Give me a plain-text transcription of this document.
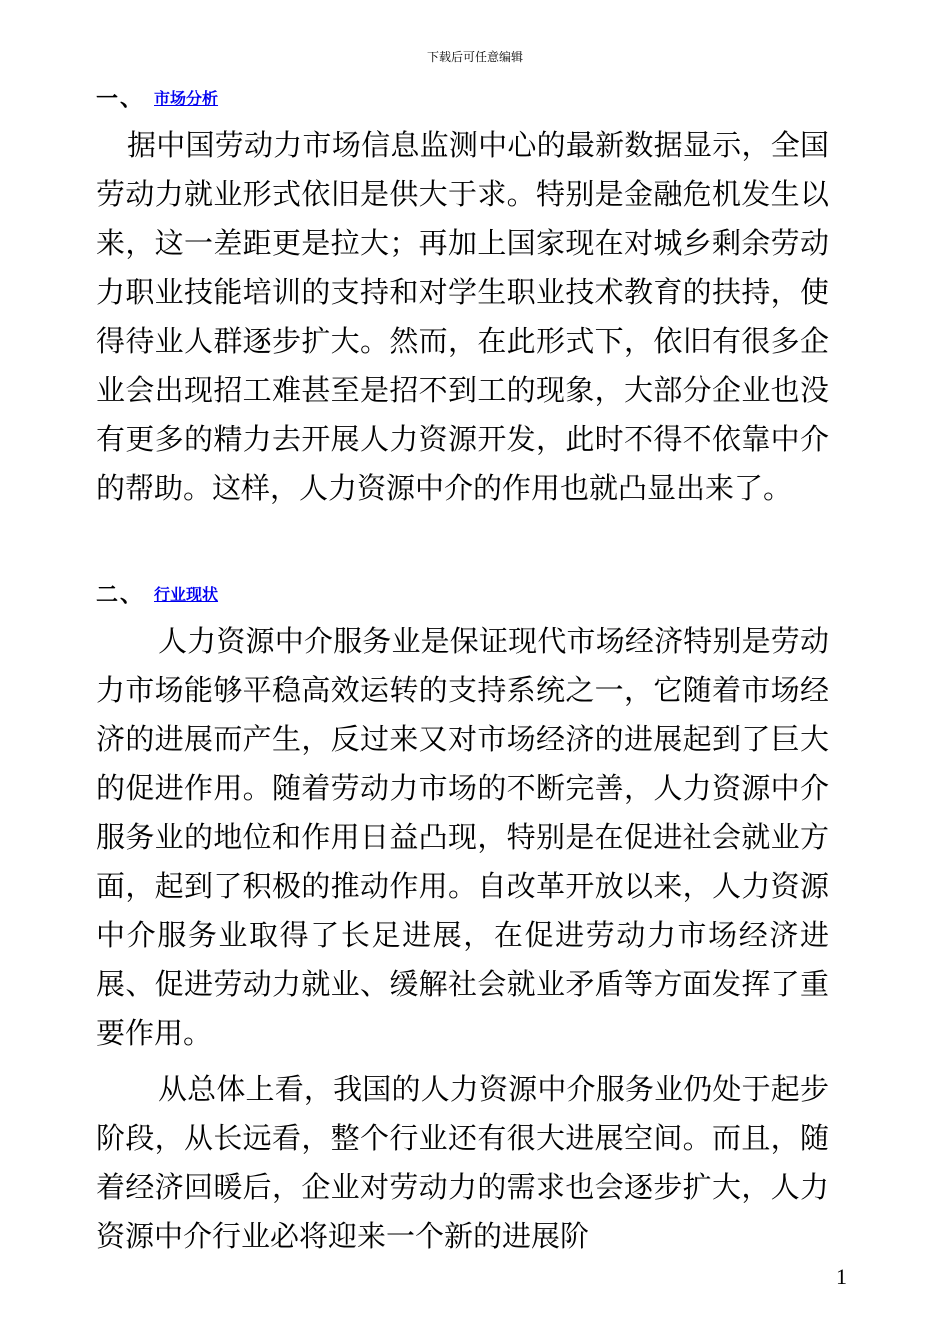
下载后可任意编辑
一、 市场分析

据中国劳动力市场信息监测中心的最新数据显示，全国劳动力就业形式依旧是供大于求。特别是金融危机发生以来，这一差距更是拉大；再加上国家现在对城乡剩余劳动力职业技能培训的支持和对学生职业技术教育的扶持，使得待业人群逐步扩大。然而，在此形式下，依旧有很多企业会出现招工难甚至是招不到工的现象，大部分企业也没有更多的精力去开展人力资源开发，此时不得不依靠中介的帮助。这样，人力资源中介的作用也就凸显出来了。

二、 行业现状

人力资源中介服务业是保证现代市场经济特别是劳动力市场能够平稳高效运转的支持系统之一，它随着市场经济的进展而产生，反过来又对市场经济的进展起到了巨大的促进作用。随着劳动力市场的不断完善，人力资源中介服务业的地位和作用日益凸现，特别是在促进社会就业方面，起到了积极的推动作用。自改革开放以来，人力资源中介服务业取得了长足进展，在促进劳动力市场经济进展、促进劳动力就业、缓解社会就业矛盾等方面发挥了重要作用。

从总体上看，我国的人力资源中介服务业仍处于起步阶段，从长远看，整个行业还有很大进展空间。而且，随着经济回暖后，企业对劳动力的需求也会逐步扩大，人力资源中介行业必将迎来一个新的进展阶

1
